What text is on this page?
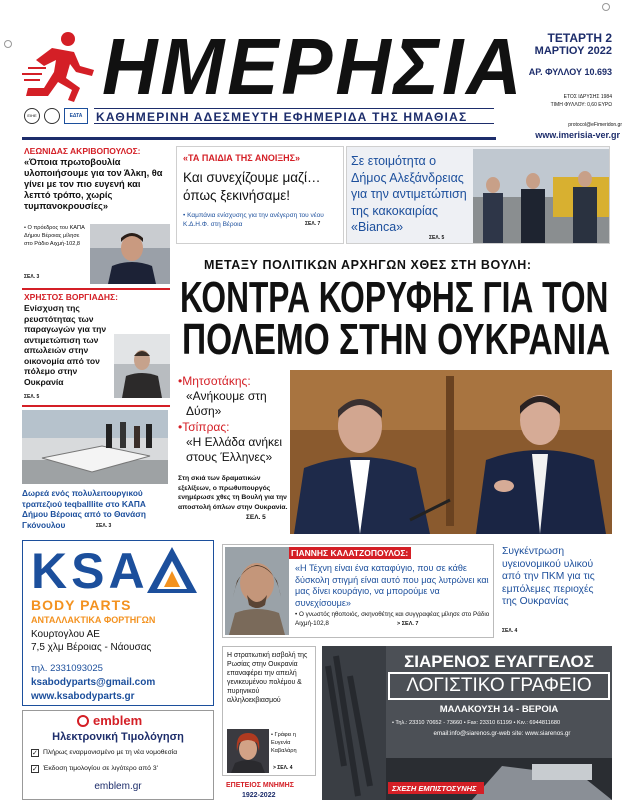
ΗΜΕΡΗΣΙΑ	ΤΕΤΑΡΤΗ 2
ΜΑΡΤΙΟΥ 2022
ΑΡ. ΦΥΛΛΟΥ 10.693
ΕΤΟΣ ΙΔΡΥΣΗΣ 1984
ΤΙΜΗ ΦΥΛΛΟΥ: 0,60 ΕΥΡΩ
ΕΙΗΕ	ΕΔΤΑ	ΚΑΘΗΜΕΡΙΝΗ ΑΔΕΣΜΕΥΤΗ ΕΦΗΜΕΡΙΔΑ ΤΗΣ ΗΜΑΘΙΑΣ
protocol@eFimeridon.gr
www.imerisia-ver.gr
ΛΕΩΝΙΔΑΣ ΑΚΡΙΒΟΠΟΥΛΟΣ:
«Όποια πρωτοβουλία υλοποιήσουμε για τον Άλκη, θα γίνει με τον πιο ευγενή και λεπτό τρόπο, χωρίς τυμπανοκρουσίες»
• Ο πρόεδρος του ΚΑΠΑ Δήμου Βέροιας μίλησε στο Ράδιο Αιχμή-102,8
ΣΕΛ. 3
ΧΡΗΣΤΟΣ ΒΟΡΓΙΑΔΗΣ:
Ενίσχυση της ρευστότητας των παραγωγών για την αντιμετώπιση των απωλειών στην οικονομία από τον πόλεμο στην Ουκρανία
ΣΕΛ. 5
Δωρεά ενός πολυλειτουργικού τραπεζιού teqballlite στο ΚΑΠΑ Δήμου Βέροιας από το Θανάση Γκόνουλου	ΣΕΛ. 3
«ΤΑ ΠΑΙΔΙΑ ΤΗΣ ΑΝΟΙΞΗΣ»
Και συνεχίζουμε μαζί… όπως ξεκινήσαμε!
• Καμπάνια ενίσχυσης για την ανέγερση του νέου Κ.Δ.Η.Φ. στη Βέροια	ΣΕΛ. 7
Σε ετοιμότητα ο Δήμος Αλεξάνδρειας για την αντιμετώπιση της κακοκαιρίας «Bianca»
ΣΕΛ. 5
ΜΕΤΑΞΥ ΠΟΛΙΤΙΚΩΝ ΑΡΧΗΓΩΝ ΧΘΕΣ ΣΤΗ ΒΟΥΛΗ:
ΚΟΝΤΡΑ ΚΟΡΥΦΗΣ ΓΙΑ ΤΟΝ
ΠΟΛΕΜΟ ΣΤΗΝ ΟΥΚΡΑΝΙΑ
•Μητσοτάκης:
«Ανήκουμε στη Δύση»
•Τσίπρας:
«Η Ελλάδα ανήκει στους Έλληνες»
Στη σκιά των δραματικών εξελίξεων, ο πρωθυπουργός ενημέρωσε χθες τη Βουλή για την αποστολή όπλων στην Ουκρανία.
ΣΕΛ. 5
KSA
BODY PARTS
ΑΝΤΑΛΛΑΚΤΙΚΑ ΦΟΡΤΗΓΩΝ
Κουρτογλου ΑΕ
7,5 χλμ Βέροιας - Νάουσας
τηλ. 2331093025
ksabodyparts@gmail.com
www.ksabodyparts.gr
ΓΙΑΝΝΗΣ ΚΑΛΑΤΖΟΠΟΥΛΟΣ:
«Η Τέχνη είναι ένα καταφύγιο, που σε κάθε δύσκολη στιγμή είναι αυτό που μας λυτρώνει και μας δίνει κουράγιο, να μπορούμε να συνεχίσουμε»
• Ο γνωστός ηθοποιός, σκηνοθέτης και συγγραφέας μίλησε στο Ράδιο Αιχμή-102,8	> ΣΕΛ. 7
Συγκέντρωση υγειονομικού υλικού από την ΠΚΜ για τις εμπόλεμες περιοχές της Ουκρανίας
ΣΕΛ. 4
emblem
Ηλεκτρονική Τιμολόγηση
✓ Πλήρως εναρμονισμένο με τη νέα νομοθεσία
✓ Έκδοση τιμολογίου σε λιγότερο από 3'
emblem.gr
Η στρατιωτική εισβολή της Ρωσίας στην Ουκρανία επαναφέρει την απειλή γενικευμένου πολέμου & πυρηνικού αλληλοεκβιασμού
• Γράφει η Ευγενία Καβαλάρη
> ΣΕΛ. 4
ΕΠΕΤΕΙΟΣ ΜΝΗΜΗΣ
1922-2022
ΣΙΑΡΕΝΟΣ ΕΥΑΓΓΕΛΟΣ
ΛΟΓΙΣΤΙΚΟ ΓΡΑΦΕΙΟ
ΜΑΛΑΚΟΥΣΗ 14 - ΒΕΡΟΙΑ
• Τηλ.: 23310 70652 - 73660 • Fax: 23310 61199 • Κιν.: 6944811680
email:info@siarenos.gr-web site: www.siarenos.gr
ΣΧΕΣΗ ΕΜΠΙΣΤΟΣΥΝΗΣ
